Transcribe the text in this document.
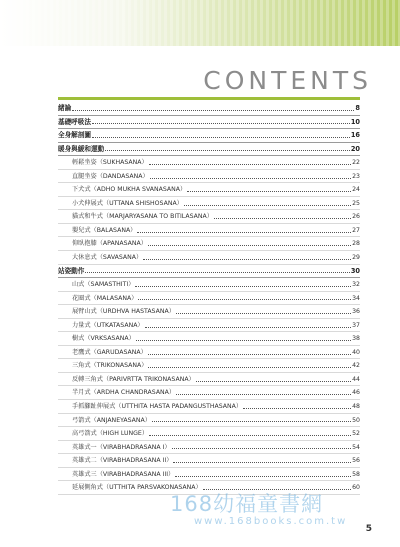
CONTENTS
緒論	8
基礎呼吸法	10
全身解剖圖	16
暖身與緩和運動	20
輕鬆坐姿（SUKHASANA）	22
直腿坐姿（DANDASANA）	23
下犬式（ADHO MUKHA SVANASANA）	24
小犬伸展式（UTTANA SHISHOSANA）	25
貓式和牛式（MARJARYASANA TO BITILASANA）	26
嬰兒式（BALASANA）	27
仰臥抱膝（APANASANA）	28
大休息式（SAVASANA）	29
站姿動作	30
山式（SAMASTHITI）	32
花圈式（MALASANA）	34
展臂山式（URDHVA HASTASANA）	36
力量式（UTKATASANA）	37
樹式（VRKSASANA）	38
老鷹式（GARUDASANA）	40
三角式（TRIKONASANA）	42
反轉三角式（PARIVRTTA TRIKONASANA）	44
半月式（ARDHA CHANDRASANA）	46
手抓腳趾伸展式（UTTHITA HASTA PADANGUSTHASANA）	48
弓箭式（ANJANEYASANA）	50
高弓箭式（HIGH LUNGE）	52
英雄式一（VIRABHADRASANA I）	54
英雄式二（VIRABHADRASANA II）	56
英雄式三（VIRABHADRASANA III）	58
延展側角式（UTTHITA PARSVAKONASANA）	60
168幼福童書網
www.168books.com.tw
5
